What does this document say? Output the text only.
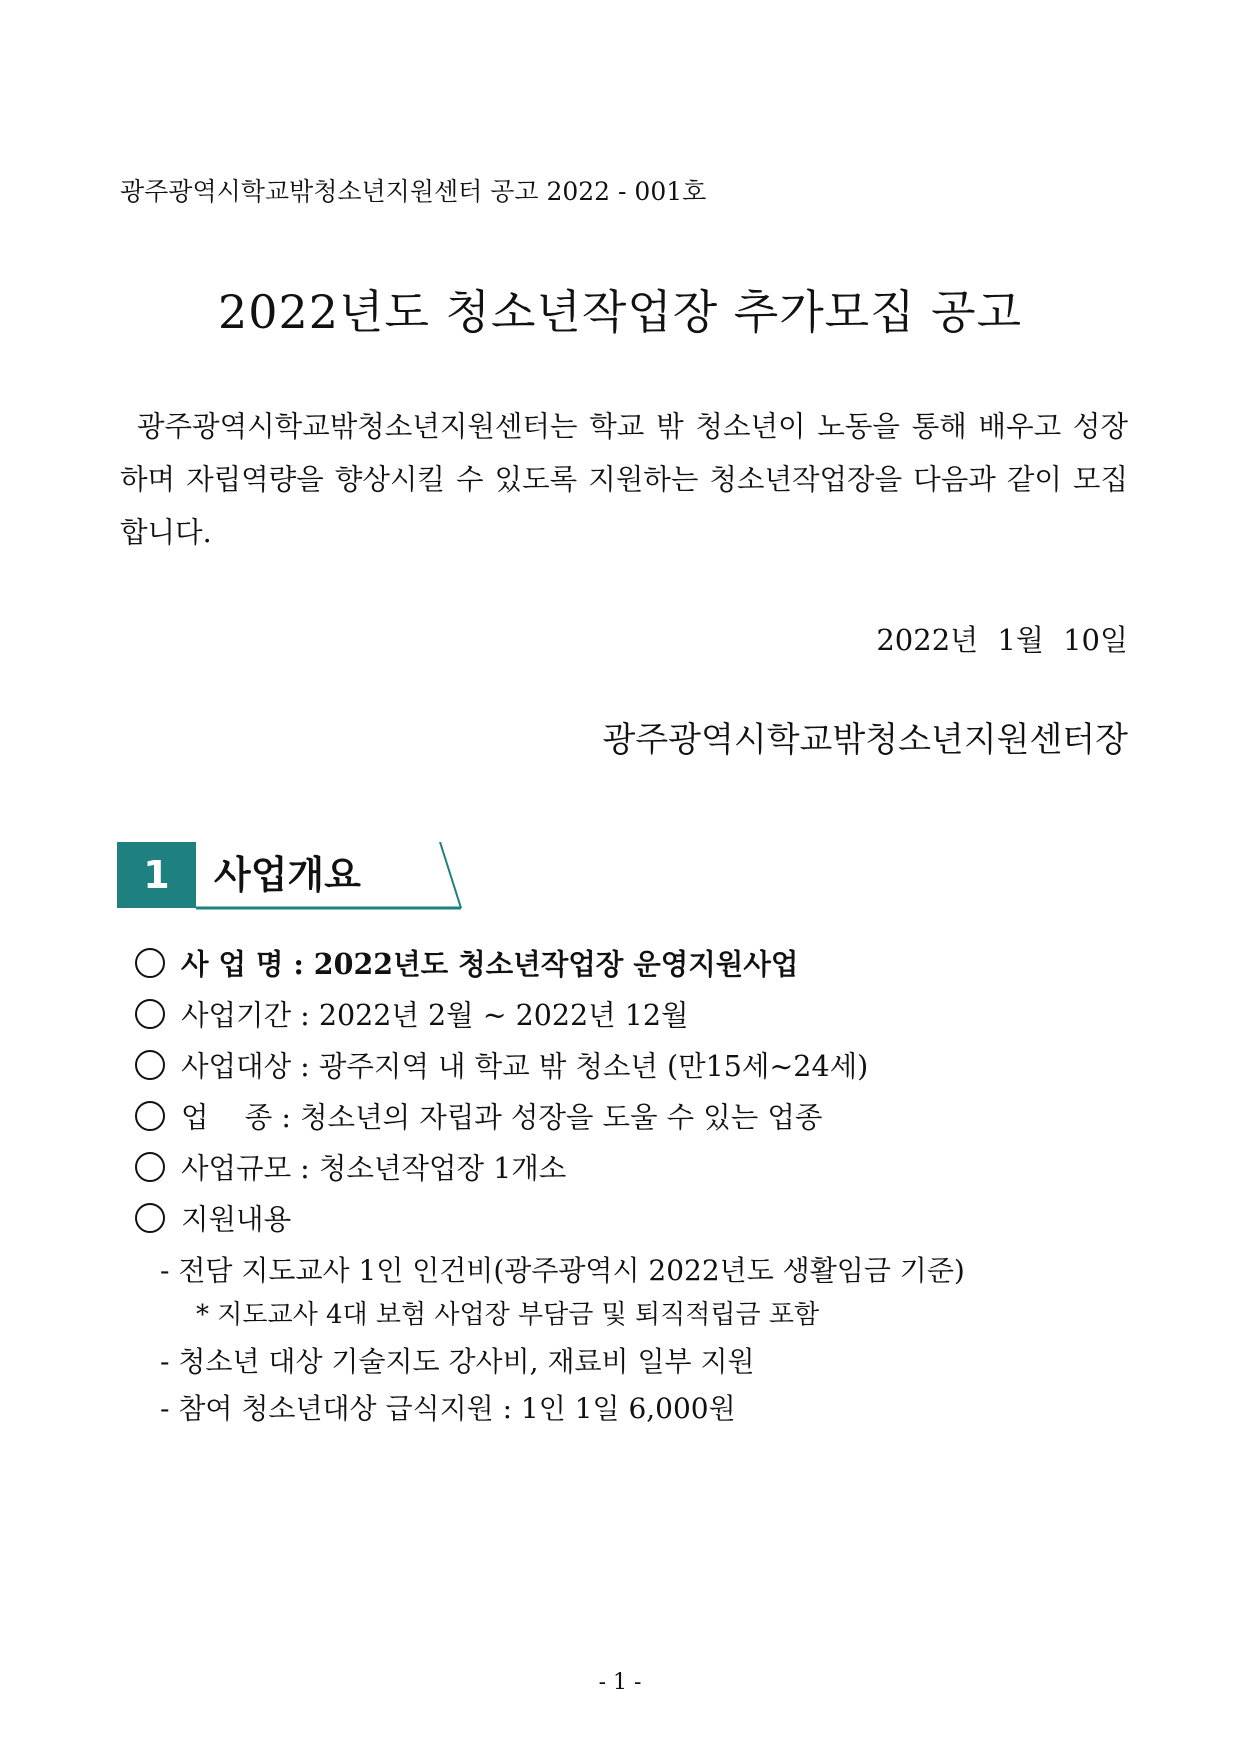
광주광역시학교밖청소년지원센터 공고 2022 - 001호
2022년도 청소년작업장 추가모집 공고
광주광역시학교밖청소년지원센터는 학교 밖 청소년이 노동을 통해 배우고 성장하며 자립역량을 향상시킬 수 있도록 지원하는 청소년작업장을 다음과 같이 모집합니다.
2022년 1월 10일
광주광역시학교밖청소년지원센터장
1	사업개요
사 업 명 : 2022년도 청소년작업장 운영지원사업
사업기간 : 2022년 2월 ~ 2022년 12월
사업대상 : 광주지역 내 학교 밖 청소년 (만15세∼24세)
업    종 : 청소년의 자립과 성장을 도울 수 있는 업종
사업규모 : 청소년작업장 1개소
지원내용
- 전담 지도교사 1인 인건비(광주광역시 2022년도 생활임금 기준)
* 지도교사 4대 보험 사업장 부담금 및 퇴직적립금 포함
- 청소년 대상 기술지도 강사비, 재료비 일부 지원
- 참여 청소년대상 급식지원 : 1인 1일 6,000원
- 1 -
